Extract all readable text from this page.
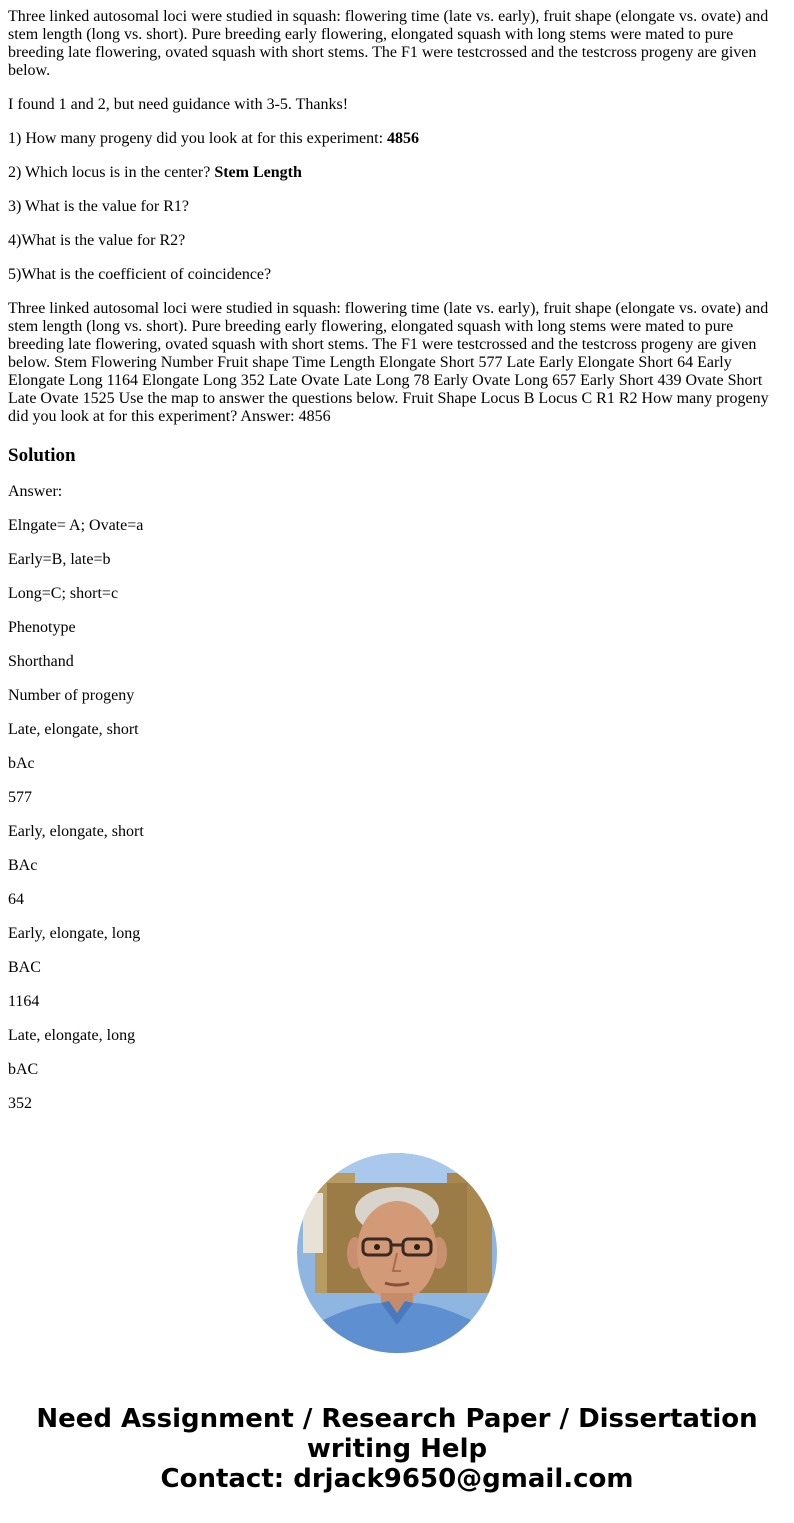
Three linked autosomal loci were studied in squash: flowering time (late vs. early), fruit shape (elongate vs. ovate) and stem length (long vs. short). Pure breeding early flowering, elongated squash with long stems were mated to pure breeding late flowering, ovated squash with short stems. The F1 were testcrossed and the testcross progeny are given below.

I found 1 and 2, but need guidance with 3-5. Thanks!

1) How many progeny did you look at for this experiment: 4856

2) Which locus is in the center? Stem Length

3) What is the value for R1?

4)What is the value for R2?

5)What is the coefficient of coincidence?

Three linked autosomal loci were studied in squash: flowering time (late vs. early), fruit shape (elongate vs. ovate) and stem length (long vs. short). Pure breeding early flowering, elongated squash with long stems were mated to pure breeding late flowering, ovated squash with short stems. The F1 were testcrossed and the testcross progeny are given below. Stem Flowering Number Fruit shape Time Length Elongate Short 577 Late Early Elongate Short 64 Early Elongate Long 1164 Elongate Long 352 Late Ovate Late Long 78 Early Ovate Long 657 Early Short 439 Ovate Short Late Ovate 1525 Use the map to answer the questions below. Fruit Shape Locus B Locus C R1 R2 How many progeny did you look at for this experiment? Answer: 4856

Solution

Answer:

Elngate= A; Ovate=a

Early=B, late=b

Long=C; short=c

Phenotype

Shorthand

Number of progeny

Late, elongate, short

bAc

577

Early, elongate, short

BAc

64

Early, elongate, long

BAC

1164

Late, elongate, long

bAC

352

Need Assignment / Research Paper / Dissertation
writing Help
Contact: drjack9650@gmail.com
